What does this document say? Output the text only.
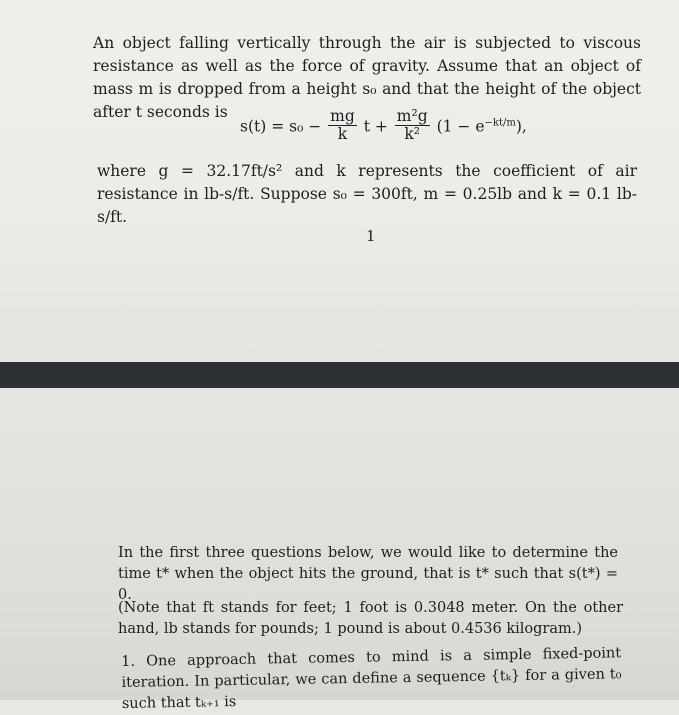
An object falling vertically through the air is subjected to viscous resistance as well as the force of gravity. Assume that an object of mass m is dropped from a height s₀ and that the height of the object after t seconds is

$s(t) = s_0 - \frac{mg}{k}$ $t + \frac{\text{m²g}}{\text{k²}} (1 - e^{-kt/m})$,

where g = 32.17ft/s² and k represents the coefficient of air resistance in lb-s/ft. Suppose s₀ = 300ft, m = 0.25lb and k = 0.1 lb-s/ft.

1

In the first three questions below, we would like to determine the time t* when the object hits the ground, that is t* such that s(t*) = 0.

(Note that ft stands for feet; 1 foot is 0.3048 meter. On the other hand, lb stands for pounds; 1 pound is about 0.4536 kilogram.)

1. One approach that comes to mind is a simple fixed-point iteration. In particular, we can define a sequence {tₖ} for a given t₀ such that tₖ₊₁ is
